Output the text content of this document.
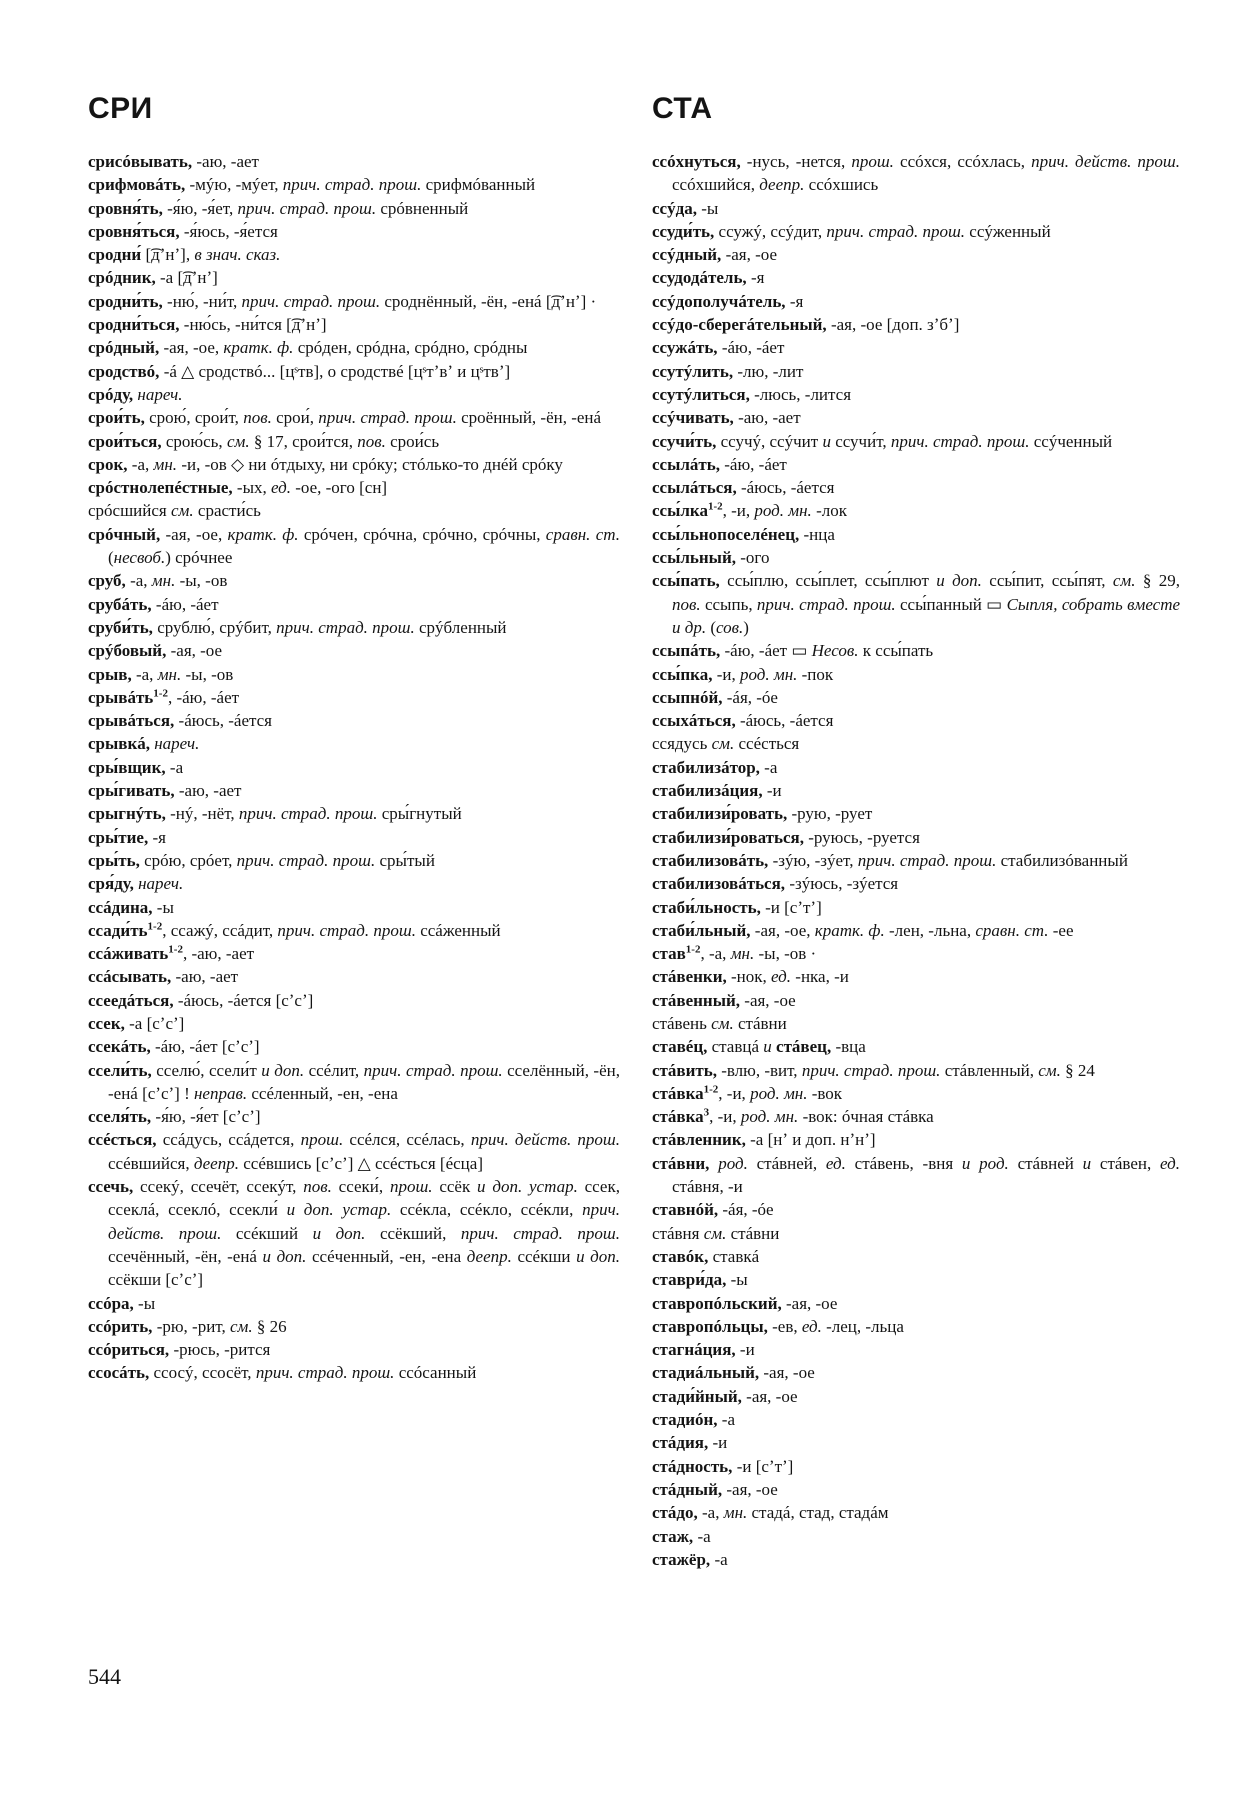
СРИ	СТА
срисóвывать, -аю, -ает
срифмовáть, -мýю, -мýет, прич. страд. прош. срифмóванный
сровня́ть, -я́ю, -я́ет, прич. страд. прош. срóвненный
сровня́ться, -я́юсь, -я́ется
сродни́ [͡дʼнʼ], в знач. сказ.
срóдник, -а [͡дʼнʼ]
сродни́ть, -ню́, -ни́т, прич. страд. прош. сроднённый, -ён, -енá [͡дʼнʼ] ·
сродни́ться, -ню́сь, -ни́тся [͡дʼнʼ]
срóдный, -ая, -ое, кратк. ф. срóден, срóдна, срóдно, срóдны
сродствó, -á △ сродствó... [цˢтв], о сродствé [цˢтʼвʼ и цˢтвʼ]
срóду, нареч.
срои́ть, срою́, срои́т, пов. срои́, прич. страд. прош. сроённый, -ён, -енá
срои́ться, срою́сь, см. § 17, срои́тся, пов. срои́сь
срок, -а, мн. -и, -ов ◇ ни óтдыху, ни срóку; стóлько-то днéй срóку
срóстнолепéстные, -ых, ед. -ое, -ого [сн]
срóсшийся см. срасти́сь
срóчный, -ая, -ое, кратк. ф. срóчен, срóчна, срóчно, срóчны, сравн. ст. (несвоб.) срóчнее
сруб, -а, мн. -ы, -ов
срубáть, -áю, -áет
сруби́ть, срублю́, срýбит, прич. страд. прош. срýбленный
срýбовый, -ая, -ое
срыв, -а, мн. -ы, -ов
срывáть$^{1-2}$, -áю, -áет
срывáться, -áюсь, -áется
срывкá, нареч.
сры́вщик, -а
сры́гивать, -аю, -ает
срыгнýть, -нý, -нёт, прич. страд. прош. сры́гнутый
сры́тие, -я
сры́ть, срóю, срóет, прич. страд. прош. сры́тый
сря́ду, нареч.
ссáдина, -ы
$ссади́ть^{1-2}$, ссажý, ссáдит, прич. страд. прош. ссáженный
ссáживать$^{1-2}$, -аю, -ает
ссáсывать, -аю, -ает
ссеедáться, -áюсь, -áется [сʼсʼ]
ссек, -а [сʼсʼ]
ссекáть, -áю, -áет [сʼсʼ]
ссели́ть, сселю́, ссели́т и доп. ссéлит, прич. страд. прош. сселённый, -ён, -енá [сʼсʼ] ! неправ. ссéленный, -ен, -ена
сселя́ть, -я́ю, -я́ет [сʼсʼ]
ссéсться, ссáдусь, ссáдется, прош. ссéлся, ссéлась, прич. действ. прош. ссéвшийся, деепр. ссéвшись [сʼсʼ] △ ссéсться [éсца]
ссечь, ссекý, ссечёт, ссекýт, пов. ссеки́, прош. ссёк и доп. устар. ссек, ссеклá, ссеклó, ссекли́ и доп. устар. ссéкла, ссéкло, ссéкли, прич. действ. прош. ссéкший и доп. ссёкший, прич. страд. прош. ссечённый, -ён, -енá и доп. ссéченный, -ен, -ена деепр. ссéкши и доп. ссёкши [сʼсʼ]
ссóра, -ы
ссóрить, -рю, -рит, см. § 26
ссóриться, -рюсь, -рится
ссосáть, ссосý, ссосёт, прич. страд. прош. ссóсанный
ссóхнуться, -нусь, -нется, прош. ссóхся, ссóхлась, прич. действ. прош. ссóхшийся, деепр. ссóхшись
ссýда, -ы
ссуди́ть, ссужý, ссýдит, прич. страд. прош. ссýженный
ссýдный, -ая, -ое
ссудодáтель, -я
ссýдополучáтель, -я
ссýдо-сберегáтельный, -ая, -ое [доп. зʼбʼ]
ссужáть, -áю, -áет
ссутýлить, -лю, -лит
ссутýлиться, -люсь, -лится
ссýчивать, -аю, -ает
ссучи́ть, ссучý, ссýчит и ссучи́т, прич. страд. прош. ссýченный
ссылáть, -áю, -áет
ссылáться, -áюсь, -áется
ссы́лка$^{1-2}$, -и, род. мн. -лок
ссы́льнопоселéнец, -нца
ссы́льный, -ого
ссы́пать, ссы́плю, ссы́плет, ссы́плют и доп. ссы́пит, ссы́пят, см. § 29, пов. ссыпь, прич. страд. прош. ссы́панный ▭ Сыпля, собрать вместе и др. (сов.)
ссыпáть, -áю, -áет ▭ Несов. к ссы́пать
ссы́пка, -и, род. мн. -пок
ссыпнóй, -áя, -óе
ссыхáться, -áюсь, -áется
ссядусь см. ссéсться
стабилизáтор, -а
стабилизáция, -и
стабилизи́ровать, -рую, -рует
стабилизи́роваться, -руюсь, -руется
стабилизовáть, -зýю, -зýет, прич. страд. прош. стабилизóванный
стабилизовáться, -зýюсь, -зýется
стаби́льность, -и [сʼтʼ]
стаби́льный, -ая, -ое, кратк. ф. -лен, -льна, сравн. ст. -ее
став$^{1-2}$, -а, мн. -ы, -ов ·
стáвенки, -нок, ед. -нка, -и
стáвенный, -ая, -ое
стáвень см. стáвни
ставéц, ставцá и стáвец, -вца
стáвить, -влю, -вит, прич. страд. прош. стáвленный, см. § 24
стáвка$^{1-2}$, -и, род. мн. -вок
стáвка$^3$, -и, род. мн. -вок: óчная стáвка
стáвленник, -а [нʼ и доп. нʼнʼ]
стáвни, род. стáвней, ед. стáвень, -вня и род. стáвней и стáвен, ед. стáвня, -и
ставнóй, -áя, -óе
стáвня см. стáвни
ставóк, ставкá
ставри́да, -ы
ставропóльский, -ая, -ое
ставропóльцы, -ев, ед. -лец, -льца
стагнáция, -и
стадиáльный, -ая, -ое
стади́йный, -ая, -ое
стадиóн, -а
стáдия, -и
стáдность, -и [сʼтʼ]
стáдный, -ая, -ое
стáдо, -а, мн. стадá, стад, стадáм
стаж, -а
стажёр, -а
544
